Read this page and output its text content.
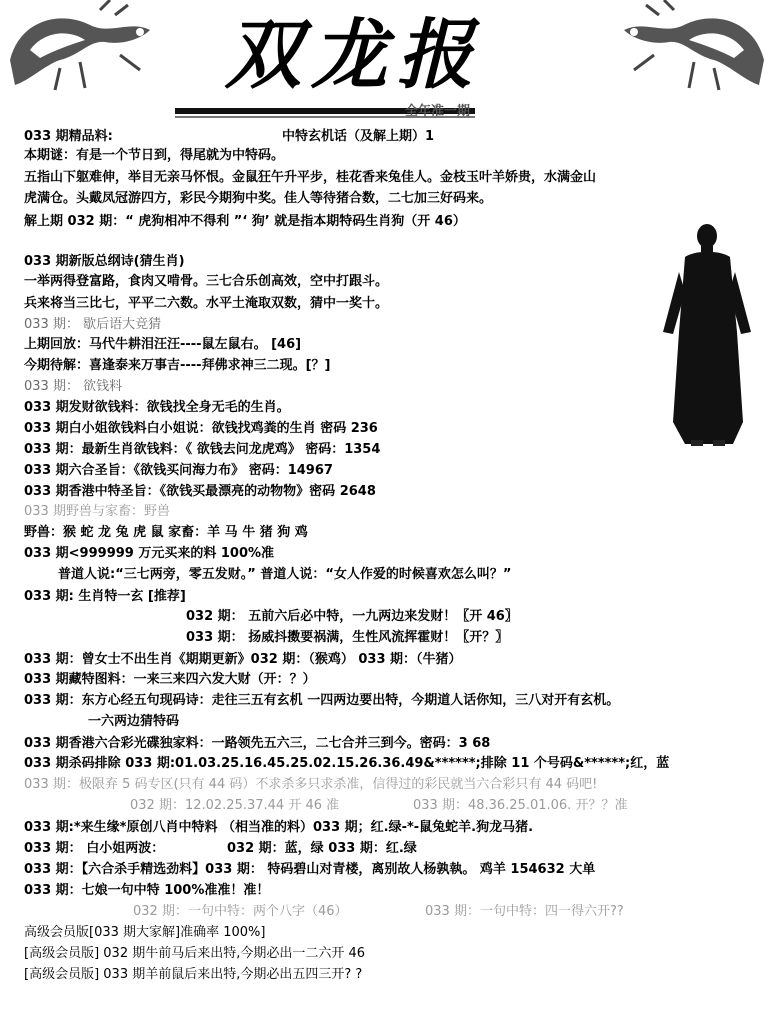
双龙报
全年准一期
033 期精品料:	中特玄机话（及解上期）1
本期谜：有是一个节日到，得尾就为中特码。
五指山下躯难伸，举目无亲马怀恨。金鼠狂午升平步，桂花香来兔佳人。金枝玉叶羊娇贵，水满金山
虎满仓。头戴凤冠游四方，彩民今期狗中奖。佳人等待猪合数，二七加三好码来。
解上期 032 期：“ 虎狗相冲不得利 ”‘ 狗’ 就是指本期特码生肖狗（开 46）
033 期新版总纲诗(猜生肖)
一举两得登富路，食肉又啃骨。三七合乐创高效，空中打跟斗。
兵来将当三比七，平平二六数。水平土淹取双数，猜中一奖十。
033 期： 歇后语大竞猜
上期回放：马代牛耕泪汪汪----鼠左鼠右。 [46]
今期待解：喜逢泰来万事吉----拜佛求神三二现。[？]
033 期： 欲钱料
033 期发财欲钱料：欲钱找全身无毛的生肖。
033 期白小姐欲钱料白小姐说：欲钱找鸡粪的生肖 密码 236
033 期：最新生肖欲钱料：《 欲钱去问龙虎鸡》 密码：1354
033 期六合圣旨：《欲钱买问海力布》 密码：14967
033 期香港中特圣旨：《欲钱买最漂亮的动物物》密码 2648
033 期野兽与家畜：野兽
野兽：猴 蛇 龙 兔 虎 鼠 家畜：羊 马 牛 猪 狗 鸡
033 期<999999 万元买来的料 100%准
普道人说:“三七两旁，零五发财。” 普道人说：“女人作爱的时候喜欢怎么叫？”
033 期: 生肖特一玄 [推荐]
032 期： 五前六后必中特，一九两边来发财！〖开 46〗
033 期： 扬威抖擞要祸满，生性风流挥霍财！〖开？〗
033 期：曾女士不出生肖《期期更新》032 期：（猴鸡） 033 期：（牛猪）
033 期藏特图料：一来三来四六发大财（开：？）
033 期：东方心经五句现码诗：走往三五有玄机 一四两边要出特，今期道人话你知，三八对开有玄机。
一六两边猜特码
033 期香港六合彩光碟独家料：一路领先五六三，二七合并三到今。密码：3 68
033 期杀码排除 033 期:01.03.25.16.45.25.02.15.26.36.49&******;排除 11 个号码&******;红，蓝
033 期：极限弃 5 码专区(只有 44 码）不求杀多只求杀准，信得过的彩民就当六合彩只有 44 码吧!
032 期：12.02.25.37.44 开 46 准	033 期：48.36.25.01.06. 开？？准
033 期:*来生缘*原创八肖中特料 （相当准的料）033 期；红.绿-*-鼠兔蛇羊.狗龙马猪.
033 期： 白小姐两波：	032 期：蓝，绿 033 期：红.绿
033 期：【六合杀手精选劲料】033 期： 特码碧山对青楼，离别故人杨孰執。 鸡羊 154632 大单
033 期：七娘一句中特 100%准准！准！
032 期：一句中特：两个八字（46）	033 期：一句中特：四一得六开??
高级会员版[033 期大家解]准确率 100%]
[高级会员版] 032 期牛前马后来出特,今期必出一二六开 46
[高级会员版] 033 期羊前鼠后来出特,今期必出五四三开? ?
